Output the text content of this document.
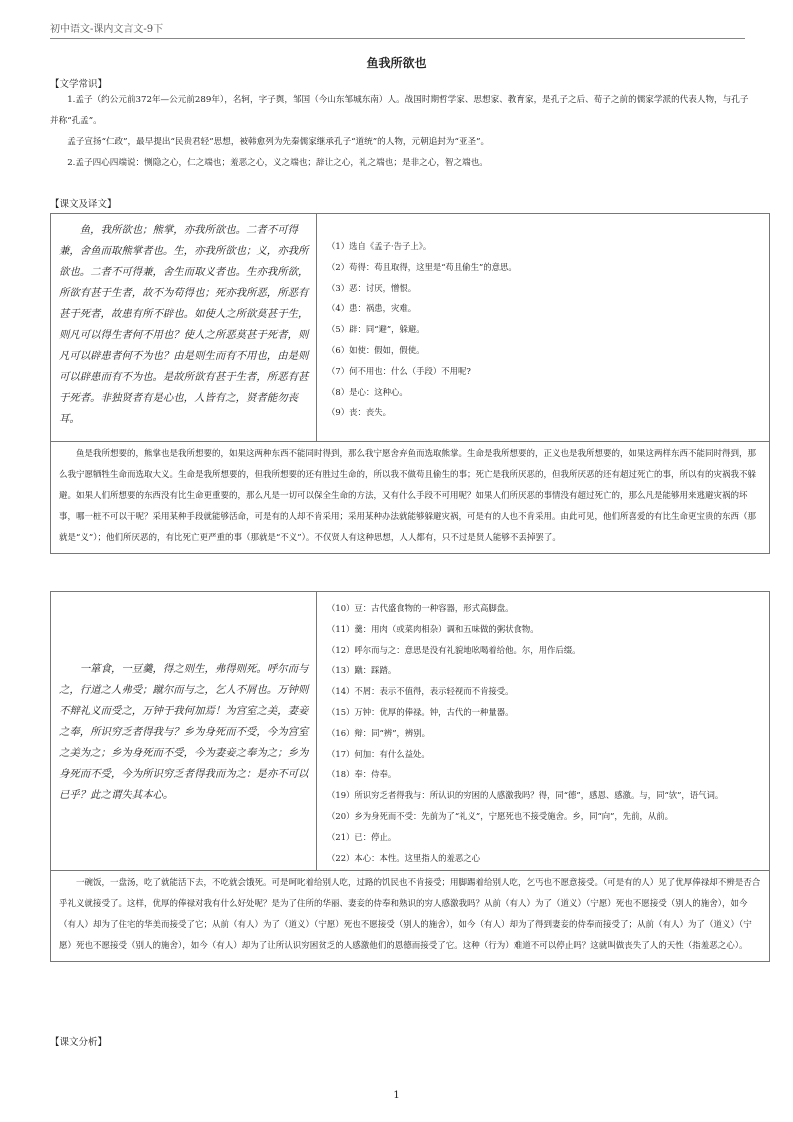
初中语文-课内文言文-9下
鱼我所欲也
【文学常识】
1.孟子（约公元前372年—公元前289年），名轲，字子舆，邹国（今山东邹城东南）人。战国时期哲学家、思想家、教育家，是孔子之后、荀子之前的儒家学派的代表人物，与孔子并称“孔孟”。
孟子宣扬“仁政”，最早提出“民贵君轻”思想，被韩愈列为先秦儒家继承孔子“道统”的人物，元朝追封为“亚圣”。
2.孟子四心四端说：恻隐之心，仁之端也；羞恶之心，义之端也；辞让之心，礼之端也；是非之心，智之端也。
【课文及译文】

鱼，我所欲也；熊掌，亦我所欲也。二者不可得兼，舍鱼而取熊掌者也。生，亦我所欲也；义，亦我所欲也。二者不可得兼，舍生而取义者也。生亦我所欲，所欲有甚于生者，故不为苟得也；死亦我所恶，所恶有甚于死者，故患有所不辟也。如使人之所欲莫甚于生，则凡可以得生者何不用也？使人之所恶莫甚于死者，则凡可以辟患者何不为也？由是则生而有不用也，由是则可以辟患而有不为也。是故所欲有甚于生者，所恶有甚于死者。非独贤者有是心也，人皆有之，贤者能勿丧耳。

（1）选自《孟子·告子上》。
（2）苟得：苟且取得，这里是“苟且偷生”的意思。
（3）恶：讨厌，憎恨。
（4）患：祸患，灾难。
（5）辟：同“避”，躲避。
（6）如使：假如，假使。
（7）何不用也：什么（手段）不用呢?
（8）是心：这种心。
（9）丧：丧失。

鱼是我所想要的，熊掌也是我所想要的，如果这两种东西不能同时得到，那么我宁愿舍弃鱼而选取熊掌。生命是我所想要的，正义也是我所想要的，如果这两样东西不能同时得到，那么我宁愿牺牲生命而选取大义。生命是我所想要的，但我所想要的还有胜过生命的，所以我不做苟且偷生的事；死亡是我所厌恶的，但我所厌恶的还有超过死亡的事，所以有的灾祸我不躲避。如果人们所想要的东西没有比生命更重要的，那么凡是一切可以保全生命的方法，又有什么手段不可用呢？如果人们所厌恶的事情没有超过死亡的，那么凡是能够用来逃避灾祸的坏事，哪一桩不可以干呢？采用某种手段就能够活命，可是有的人却不肯采用；采用某种办法就能够躲避灾祸，可是有的人也不肯采用。由此可见，他们所喜爱的有比生命更宝贵的东西（那就是“义”）；他们所厌恶的，有比死亡更严重的事（那就是“不义”）。不仅贤人有这种思想，人人都有，只不过是贤人能够不丢掉罢了。

一箪食，一豆羹，得之则生，弗得则死。呼尔而与之，行道之人弗受；蹴尔而与之，乞人不屑也。万钟则不辩礼义而受之，万钟于我何加焉！为宫室之美，妻妾之奉，所识穷乏者得我与？乡为身死而不受，今为宫室之美为之；乡为身死而不受，今为妻妾之奉为之；乡为身死而不受，今为所识穷乏者得我而为之：是亦不可以已乎？此之谓失其本心。

（10）豆：古代盛食物的一种容器，形式高脚盘。
（11）羹：用肉（或菜肉相杂）调和五味做的粥状食物。
（12）呼尔而与之：意思是没有礼貌地吆喝着给他。尔，用作后缀。
（13）蹴：踩踏。
（14）不屑：表示不值得，表示轻视而不肯接受。
（15）万钟：优厚的俸禄。钟，古代的一种量器。
（16）辩：同“辨”，辨别。
（17）何加：有什么益处。
（18）奉：侍奉。
（19）所识穷乏者得我与：所认识的穷困的人感激我吗？得，同“德”，感恩、感激。与，同“欤”，语气词。
（20）乡为身死而不受：先前为了“礼义”，宁愿死也不接受施舍。乡，同“向”，先前，从前。
（21）已：停止。
（22）本心：本性。这里指人的羞恶之心

一碗饭，一盘汤，吃了就能活下去，不吃就会饿死。可是呵叱着给别人吃，过路的饥民也不肯接受；用脚踢着给别人吃，乞丐也不愿意接受。（可是有的人）见了优厚俸禄却不辨是否合乎礼义就接受了。这样，优厚的俸禄对我有什么好处呢？是为了住所的华丽、妻妾的侍奉和熟识的穷人感激我吗？从前（有人）为了（道义）（宁愿）死也不愿接受（别人的施舍），如今（有人）却为了住宅的华美而接受了它；从前（有人）为了（道义）（宁愿）死也不愿接受（别人的施舍），如今（有人）却为了得到妻妾的侍奉而接受了；从前（有人）为了（道义）（宁愿）死也不愿接受（别人的施舍），如今（有人）却为了让所认识穷困贫乏的人感激他们的恩德而接受了它。这种（行为）难道不可以停止吗？这就叫做丧失了人的天性（指羞恶之心）。

【课文分析】
1
